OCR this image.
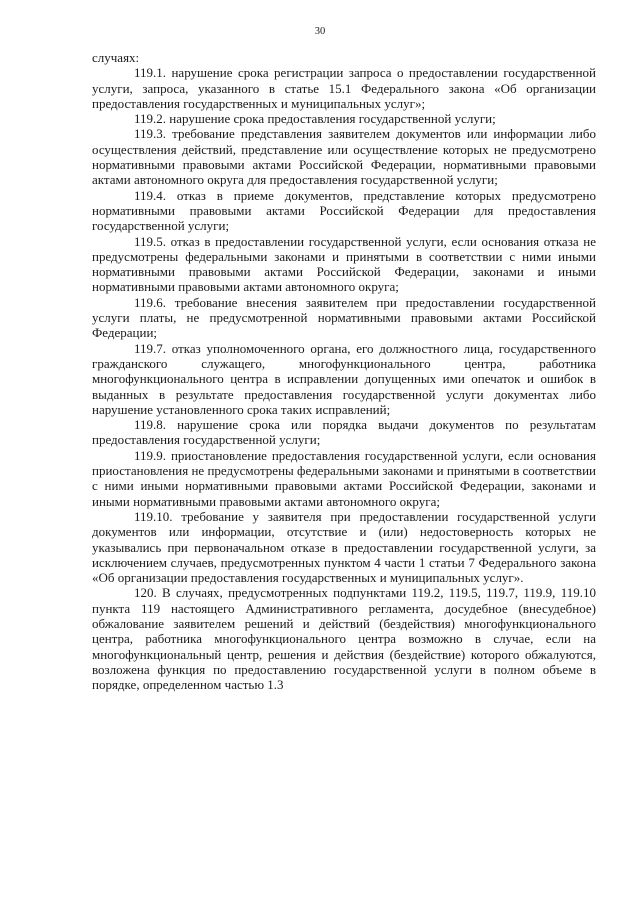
30

случаях:

119.1. нарушение срока регистрации запроса о предоставлении государственной услуги, запроса, указанного в статье 15.1 Федерального закона «Об организации предоставления государственных и муниципальных услуг»;

119.2. нарушение срока предоставления государственной услуги;

119.3. требование представления заявителем документов или информации либо осуществления действий, представление или осуществление которых не предусмотрено нормативными правовыми актами Российской Федерации, нормативными правовыми актами автономного округа для предоставления государственной услуги;

119.4. отказ в приеме документов, представление которых предусмотрено нормативными правовыми актами Российской Федерации для предоставления государственной услуги;

119.5. отказ в предоставлении государственной услуги, если основания отказа не предусмотрены федеральными законами и принятыми в соответствии с ними иными нормативными правовыми актами Российской Федерации, законами и иными нормативными правовыми актами автономного округа;

119.6. требование внесения заявителем при предоставлении государственной услуги платы, не предусмотренной нормативными правовыми актами Российской Федерации;

119.7. отказ уполномоченного органа, его должностного лица, государственного гражданского служащего, многофункционального центра, работника многофункционального центра в исправлении допущенных ими опечаток и ошибок в выданных в результате предоставления государственной услуги документах либо нарушение установленного срока таких исправлений;

119.8. нарушение срока или порядка выдачи документов по результатам предоставления государственной услуги;

119.9. приостановление предоставления государственной услуги, если основания приостановления не предусмотрены федеральными законами и принятыми в соответствии с ними иными нормативными правовыми актами Российской Федерации, законами и иными нормативными правовыми актами автономного округа;

119.10. требование у заявителя при предоставлении государственной услуги документов или информации, отсутствие и (или) недостоверность которых не указывались при первоначальном отказе в предоставлении государственной услуги, за исключением случаев, предусмотренных пунктом 4 части 1 статьи 7 Федерального закона «Об организации предоставления государственных и муниципальных услуг».

120. В случаях, предусмотренных подпунктами 119.2, 119.5, 119.7, 119.9, 119.10 пункта 119 настоящего Административного регламента, досудебное (внесудебное) обжалование заявителем решений и действий (бездействия) многофункционального центра, работника многофункционального центра возможно в случае, если на многофункциональный центр, решения и действия (бездействие) которого обжалуются, возложена функция по предоставлению государственной услуги в полном объеме в порядке, определенном частью 1.3
